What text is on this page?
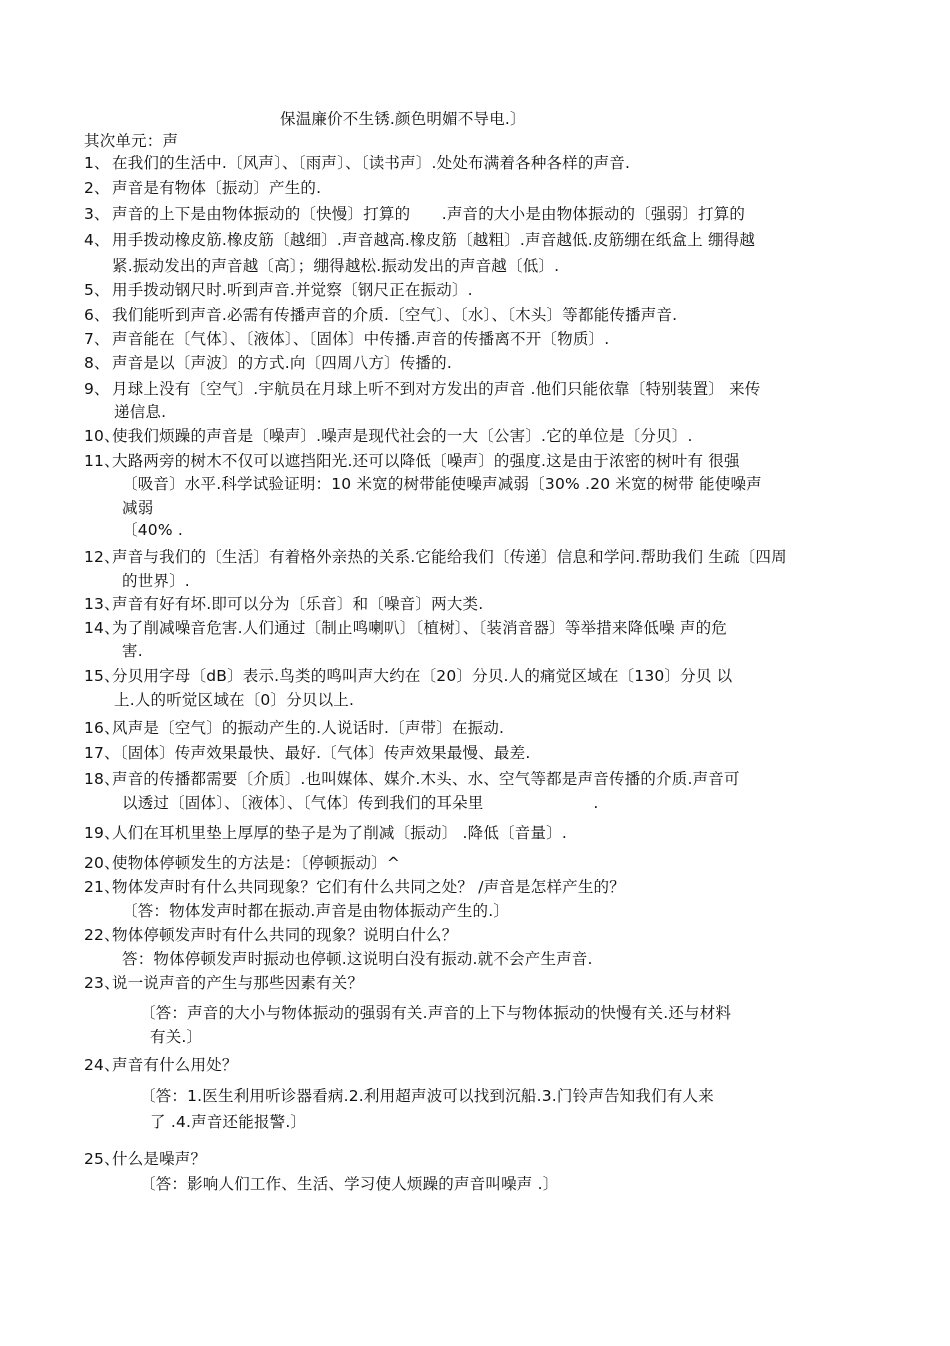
保温廉价不生锈.颜色明媚不导电.〕
其次单元：声
1、 在我们的生活中.〔风声〕、〔雨声〕、〔读书声〕.处处布满着各种各样的声音.
2、 声音是有物体〔振动〕产生的.
3、 声音的上下是由物体振动的〔快慢〕打算的　　.声音的大小是由物体振动的〔强弱〕打算的
4、 用手拨动橡皮筋.橡皮筋〔越细〕.声音越高.橡皮筋〔越粗〕.声音越低.皮筋绷在纸盒上 绷得越
紧.振动发出的声音越〔高〕；绷得越松.振动发出的声音越〔低〕.
5、 用手拨动钢尺时.听到声音.并觉察〔钢尺正在振动〕.
6、 我们能听到声音.必需有传播声音的介质.〔空气〕、〔水〕、〔木头〕等都能传播声音.
7、 声音能在〔气体〕、〔液体〕、〔固体〕中传播.声音的传播离不开〔物质〕.
8、 声音是以〔声波〕的方式.向〔四周八方〕传播的.
9、 月球上没有〔空气〕.宇航员在月球上听不到对方发出的声音 .他们只能依靠〔特别装置〕 来传
递信息.
10、使我们烦躁的声音是〔噪声〕.噪声是现代社会的一大〔公害〕.它的单位是〔分贝〕.
11、大路两旁的树木不仅可以遮挡阳光.还可以降低〔噪声〕的强度.这是由于浓密的树叶有 很强
〔吸音〕水平.科学试验证明：10 米宽的树带能使噪声减弱〔30% .20 米宽的树带 能使噪声
减弱
〔40% .
12、声音与我们的〔生活〕有着格外亲热的关系.它能给我们〔传递〕信息和学问.帮助我们 生疏〔四周
的世界〕.
13、声音有好有坏.即可以分为〔乐音〕和〔噪音〕两大类.
14、为了削减噪音危害.人们通过〔制止鸣喇叭〕〔植树〕、〔装消音器〕等举措来降低噪 声的危
害.
15、分贝用字母〔dB〕表示.鸟类的鸣叫声大约在〔20〕分贝.人的痛觉区域在〔130〕分贝 以
上.人的听觉区域在〔0〕分贝以上.
16、风声是〔空气〕的振动产生的.人说话时.〔声带〕在振动.
17、〔固体〕传声效果最快、最好.〔气体〕传声效果最慢、最差.
18、声音的传播都需要〔介质〕.也叫媒体、媒介.木头、水、空气等都是声音传播的介质.声音可
以透过〔固体〕、〔液体〕、〔气体〕传到我们的耳朵里　　　　　　　.
19、人们在耳机里垫上厚厚的垫子是为了削减〔振动〕 .降低〔音量〕.
20、使物体停顿发生的方法是：〔停顿振动〕^
21、物体发声时有什么共同现象？它们有什么共同之处？ /声音是怎样产生的？
〔答：物体发声时都在振动.声音是由物体振动产生的.〕
22、物体停顿发声时有什么共同的现象？说明白什么？
答：物体停顿发声时振动也停顿.这说明白没有振动.就不会产生声音.
23、说一说声音的产生与那些因素有关？
〔答：声音的大小与物体振动的强弱有关.声音的上下与物体振动的快慢有关.还与材料
有关.〕
24、声音有什么用处？
〔答：1.医生利用听诊器看病.2.利用超声波可以找到沉船.3.门铃声告知我们有人来
了 .4.声音还能报警.〕
25、什么是噪声？
〔答：影响人们工作、生活、学习使人烦躁的声音叫噪声 .〕
